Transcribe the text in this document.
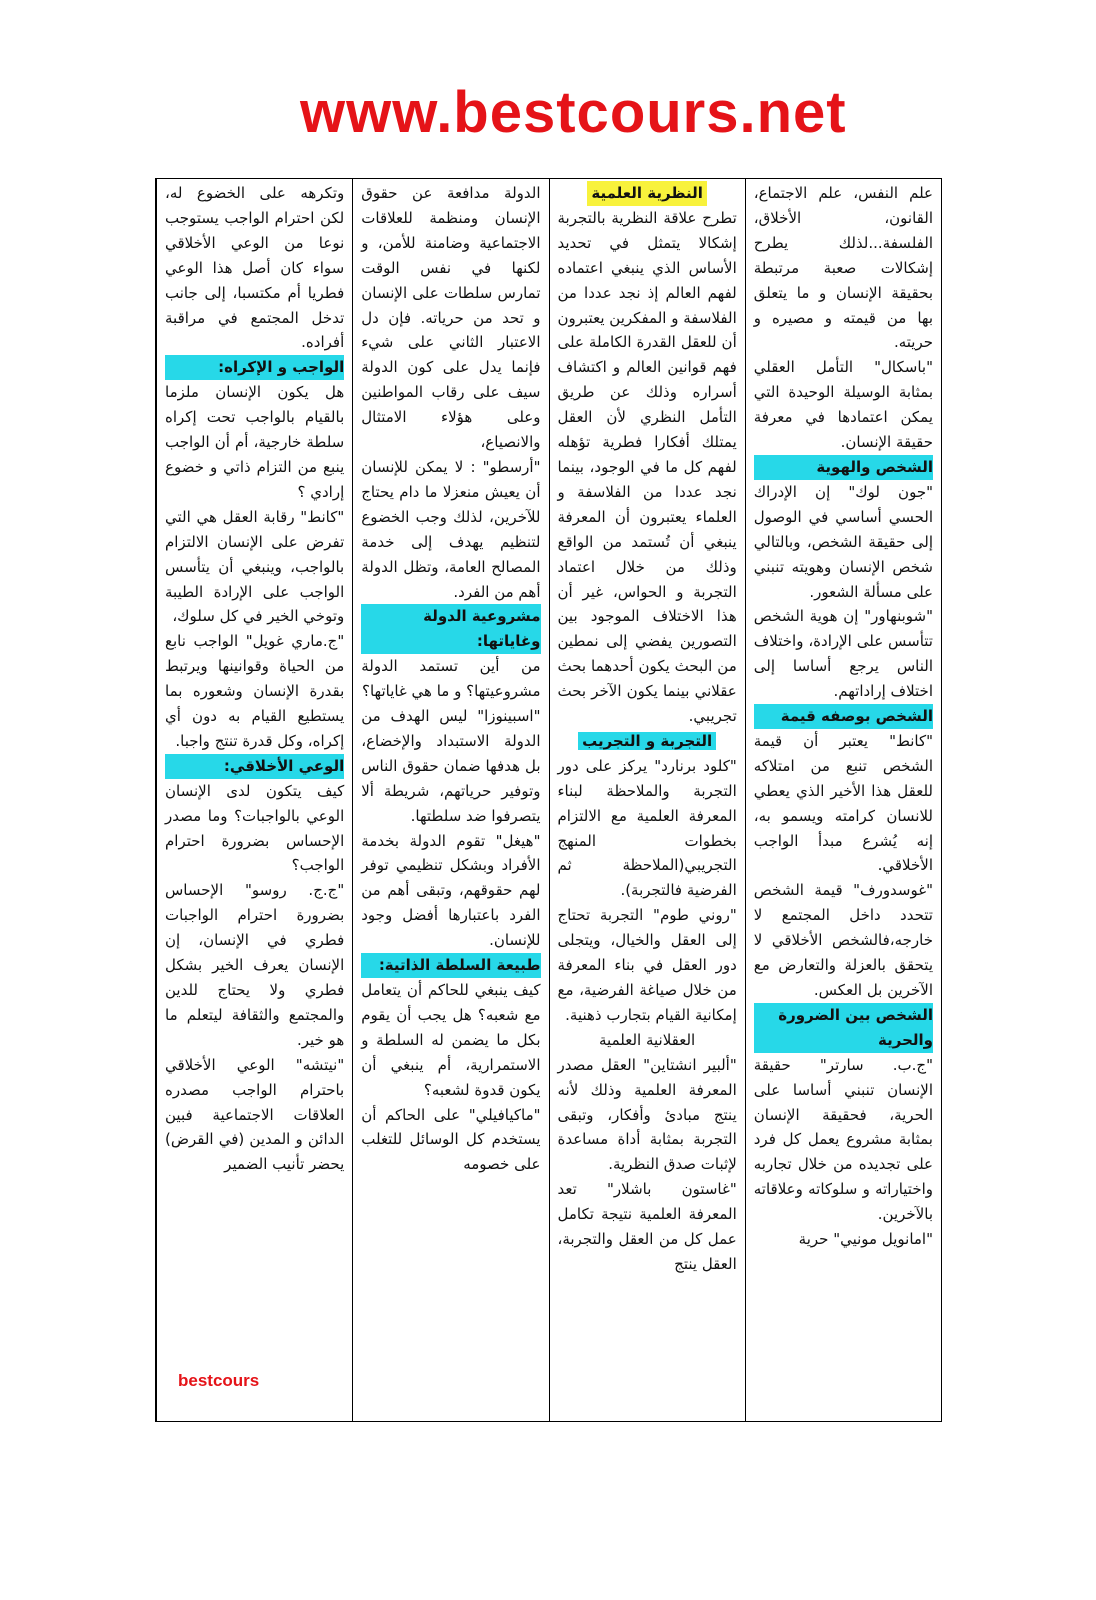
www.bestcours.net

علم النفس، علم الاجتماع، القانون، الأخلاق، الفلسفة...لذلك يطرح إشكالات صعبة مرتبطة بحقيقة الإنسان و ما يتعلق بها من قيمته و مصيره و حريته.

"باسكال" التأمل العقلي بمثابة الوسيلة الوحيدة التي يمكن اعتمادها في معرفة حقيقة الإنسان.

الشخص والهوية

"جون لوك" إن الإدراك الحسي أساسي في الوصول إلى حقيقة الشخص، وبالتالي شخص الإنسان وهويته تنبني على مسألة الشعور.

"شوبنهاور" إن هوية الشخص تتأسس على الإرادة، واختلاف الناس يرجع أساسا إلى اختلاف إراداتهم.

الشخص بوصفه قيمة

"كانط" يعتبر أن قيمة الشخص تنبع من امتلاكه للعقل هذا الأخير الذي يعطي للانسان كرامته ويسمو به، إنه يُشرع مبدأ الواجب الأخلاقي.

"غوسدورف" قيمة الشخص تتحدد داخل المجتمع لا خارجه،فالشخص الأخلاقي لا يتحقق بالعزلة والتعارض مع الآخرين بل العكس.

الشخص بين الضرورة والحرية

"ج.ب. سارتر" حقيقة الإنسان تنبني أساسا على الحرية، فحقيقة الإنسان بمثابة مشروع يعمل كل فرد على تجديده من خلال تجاربه واختياراته و سلوكاته وعلاقاته بالآخرين.

"امانويل مونيي" حرية

النظرية العلمية

تطرح علاقة النظرية بالتجربة إشكالا يتمثل في تحديد الأساس الذي ينبغي اعتماده لفهم العالم إذ نجد عددا من الفلاسفة و المفكرين يعتبرون أن للعقل القدرة الكاملة على فهم قوانين العالم و اكتشاف أسراره وذلك عن طريق التأمل النظري لأن العقل يمتلك أفكارا فطرية تؤهله لفهم كل ما في الوجود، بينما نجد عددا من الفلاسفة و العلماء يعتبرون أن المعرفة ينبغي أن تُستمد من الواقع وذلك من خلال اعتماد التجربة و الحواس، غير أن هذا الاختلاف الموجود بين التصورين يفضي إلى نمطين من البحث يكون أحدهما بحث عقلاني بينما يكون الآخر بحث تجريبي.

التجربة و التجريب

"كلود برنارد" يركز على دور التجربة والملاحظة لبناء المعرفة العلمية مع الالتزام بخطوات المنهج التجريبي(الملاحظة ثم الفرضية فالتجربة).

"روني طوم" التجربة تحتاج إلى العقل والخيال، ويتجلى دور العقل في بناء المعرفة من خلال صياغة الفرضية، مع إمكانية القيام بتجارب ذهنية.

العقلانية العلمية

"ألبير انشتاين" العقل مصدر المعرفة العلمية وذلك لأنه ينتج مبادئ وأفكار، وتبقى التجربة بمثابة أداة مساعدة لإثبات صدق النظرية.

"غاستون باشلار" تعد المعرفة العلمية نتيجة تكامل عمل كل من العقل والتجربة، العقل ينتج

الدولة مدافعة عن حقوق الإنسان ومنظمة للعلاقات الاجتماعية وضامنة للأمن، و لكنها في نفس الوقت تمارس سلطات على الإنسان و تحد من حرياته. فإن دل الاعتبار الثاني على شيء فإنما يدل على كون الدولة سيف على رقاب المواطنين وعلى هؤلاء الامتثال والانصياع،

"أرسطو" : لا يمكن للإنسان أن يعيش منعزلا ما دام يحتاج للآخرين، لذلك وجب الخضوع لتنظيم يهدف إلى خدمة المصالح العامة، وتظل الدولة أهم من الفرد.

مشروعية الدولة وغاياتها:

من أين تستمد الدولة مشروعيتها؟ و ما هي غاياتها؟

"اسبينوزا" ليس الهدف من الدولة الاستبداد والإخضاع، بل هدفها ضمان حقوق الناس وتوفير حرياتهم، شريطة ألا يتصرفوا ضد سلطتها.

"هيغل" تقوم الدولة بخدمة الأفراد وبشكل تنظيمي توفر لهم حقوقهم، وتبقى أهم من الفرد باعتبارها أفضل وجود للإنسان.

طبيعة السلطة الذاتية:

كيف ينبغي للحاكم أن يتعامل مع شعبه؟ هل يجب أن يقوم بكل ما يضمن له السلطة و الاستمرارية، أم ينبغي أن يكون قدوة لشعبه؟

"ماكيافيلي" على الحاكم أن يستخدم كل الوسائل للتغلب على خصومه

وتكرهه على الخضوع له، لكن احترام الواجب يستوجب نوعا من الوعي الأخلاقي سواء كان أصل هذا الوعي فطريا أم مكتسبا، إلى جانب تدخل المجتمع في مراقبة أفراده.

الواجب و الإكراه:

هل يكون الإنسان ملزما بالقيام بالواجب تحت إكراه سلطة خارجية، أم أن الواجب ينبع من التزام ذاتي و خضوع إرادي ؟

"كانط" رقابة العقل هي التي تفرض على الإنسان الالتزام بالواجب، وينبغي أن يتأسس الواجب على الإرادة الطيبة وتوخي الخير في كل سلوك،

"ج.ماري غويل" الواجب نابع من الحياة وقوانينها ويرتبط بقدرة الإنسان وشعوره بما يستطيع القيام به دون أي إكراه، وكل قدرة تنتج واجبا.

الوعي الأخلاقي:

كيف يتكون لدى الإنسان الوعي بالواجبات؟ وما مصدر الإحساس بضرورة احترام الواجب؟

"ج.ج. روسو" الإحساس بضرورة احترام الواجبات فطري في الإنسان، إن الإنسان يعرف الخير بشكل فطري ولا يحتاج للدين والمجتمع والثقافة ليتعلم ما هو خير.

"نيتشه" الوعي الأخلاقي باحترام الواجب مصدره العلاقات الاجتماعية فبين الدائن و المدين (في القرض) يحضر تأنيب الضمير

bestcours
